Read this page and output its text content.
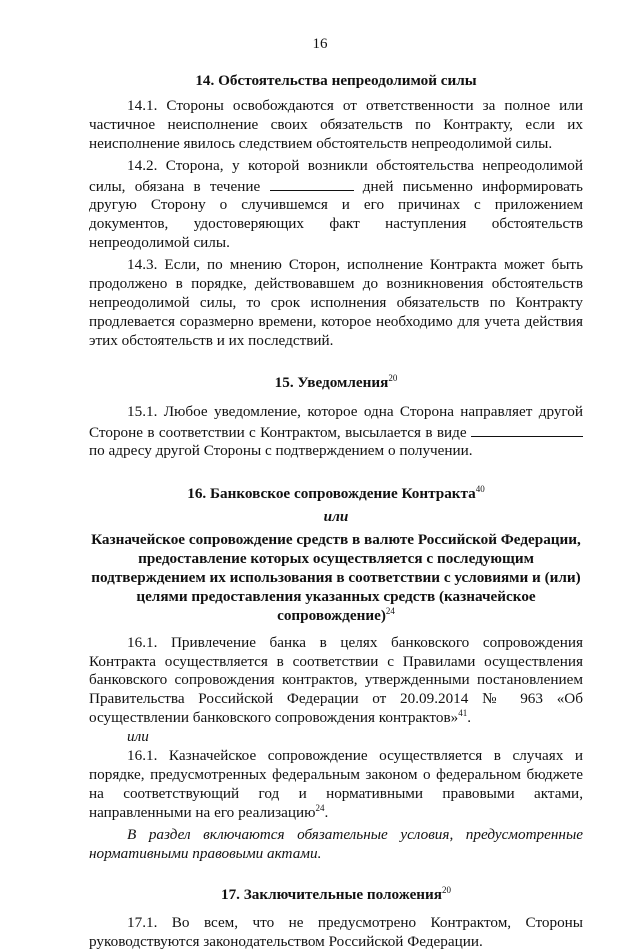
16

14. Обстоятельства непреодолимой силы

14.1. Стороны освобождаются от ответственности за полное или частичное неисполнение своих обязательств по Контракту, если их неисполнение явилось следствием обстоятельств непреодолимой силы.

14.2. Сторона, у которой возникли обстоятельства непреодолимой силы, обязана в течение	дней письменно информировать другую Сторону о случившемся и его причинах с приложением документов, удостоверяющих факт наступления обстоятельств непреодолимой силы.

14.3. Если, по мнению Сторон, исполнение Контракта может быть продолжено в порядке, действовавшем до возникновения обстоятельств непреодолимой силы, то срок исполнения обязательств по Контракту продлевается соразмерно времени, которое необходимо для учета действия этих обстоятельств и их последствий.

15. Уведомления$^{20}$

15.1. Любое уведомление, которое одна Сторона направляет другой Стороне в соответствии с Контрактом, высылается в виде  по адресу другой Стороны с подтверждением о получении.

16. Банковское сопровождение Контракта$^{40}$

или

Казначейское сопровождение средств в валюте Российской Федерации, предоставление которых осуществляется с последующим подтверждением их использования в соответствии с условиями и (или) целями предоставления указанных средств (казначейское сопровождение)$^{24}$

16.1. Привлечение банка в целях банковского сопровождения Контракта осуществляется в соответствии с Правилами осуществления банковского сопровождения контрактов, утвержденными постановлением Правительства Российской Федерации от 20.09.2014 № 963 «Об осуществлении банковского сопровождения контрактов»$^{41}$.

или

16.1. Казначейское сопровождение осуществляется в случаях и порядке, предусмотренных федеральным законом о федеральном бюджете на соответствующий год и нормативными правовыми актами, направленными на его реализацию$^{24}$.

В раздел включаются обязательные условия, предусмотренные нормативными правовыми актами.

17. Заключительные положения$^{20}$

17.1. Во всем, что не предусмотрено Контрактом, Стороны руководствуются законодательством Российской Федерации.
